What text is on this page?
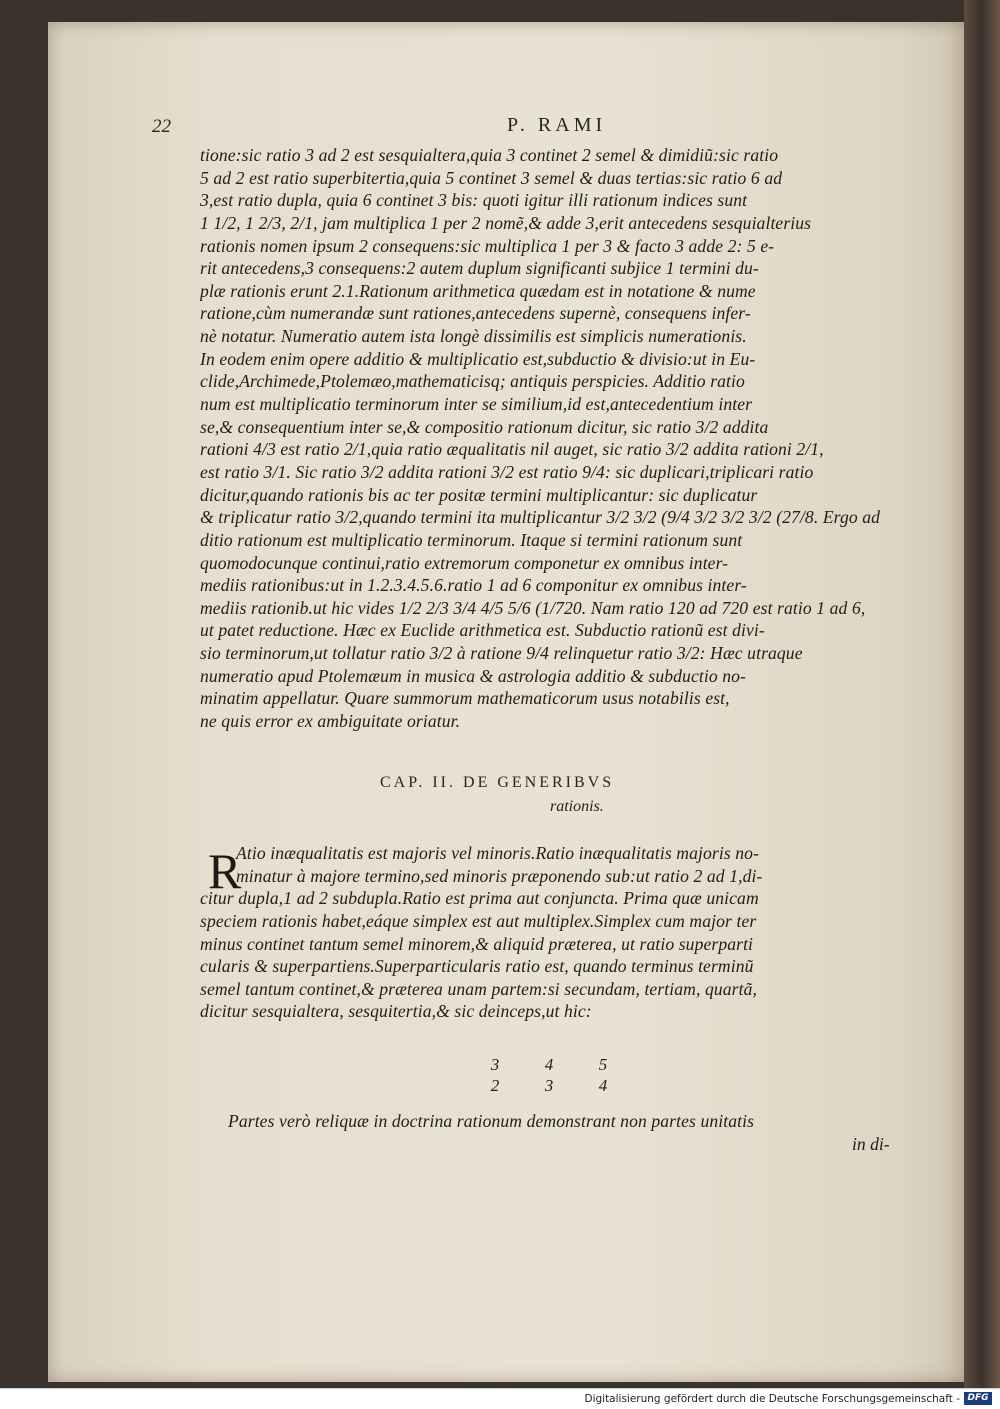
22	P. RAMI
tione:sic ratio 3 ad 2 est sesquialtera,quia 3 continet 2 semel & dimidiũ:sic ratio
5 ad 2 est ratio superbitertia,quia 5 continet 3 semel & duas tertias:sic ratio 6 ad
3,est ratio dupla, quia 6 continet 3 bis: quoti igitur illi rationum indices sunt
1 1/2, 1 2/3, 2/1, jam multiplica 1 per 2 nomẽ,& adde 3,erit antecedens sesquialterius
rationis nomen ipsum 2 consequens:sic multiplica 1 per 3 & facto 3 adde 2: 5 e-
rit antecedens,3 consequens:2 autem duplum significanti subjice 1 termini du-
plæ rationis erunt 2.1.Rationum arithmetica quædam est in notatione & nume
ratione,cùm numerandæ sunt rationes,antecedens supernè, consequens infer-
nè notatur. Numeratio autem ista longè dissimilis est simplicis numerationis.
In eodem enim opere additio & multiplicatio est,subductio & divisio:ut in Eu-
clide,Archimede,Ptolemæo,mathematicisq; antiquis perspicies. Additio ratio
num est multiplicatio terminorum inter se similium,id est,antecedentium inter
se,& consequentium inter se,& compositio rationum dicitur, sic ratio 3/2 addita
rationi 4/3 est ratio 2/1,quia ratio æqualitatis nil auget, sic ratio 3/2 addita rationi 2/1,
est ratio 3/1. Sic ratio 3/2 addita rationi 3/2 est ratio 9/4: sic duplicari,triplicari ratio
dicitur,quando rationis bis ac ter positæ termini multiplicantur: sic duplicatur
& triplicatur ratio 3/2,quando termini ita multiplicantur 3/2 3/2 (9/4 3/2 3/2 3/2 (27/8. Ergo ad
ditio rationum est multiplicatio terminorum. Itaque si termini rationum sunt
quomodocunque continui,ratio extremorum componetur ex omnibus inter-
mediis rationibus:ut in 1.2.3.4.5.6.ratio 1 ad 6 componitur ex omnibus inter-
mediis rationib.ut hic vides 1/2 2/3 3/4 4/5 5/6 (1/720. Nam ratio 120 ad 720 est ratio 1 ad 6,
ut patet reductione. Hæc ex Euclide arithmetica est. Subductio rationũ est divi-
sio terminorum,ut tollatur ratio 3/2 à ratione 9/4 relinquetur ratio 3/2: Hæc utraque
numeratio apud Ptolemæum in musica & astrologia additio & subductio no-
minatim appellatur. Quare summorum mathematicorum usus notabilis est,
ne quis error ex ambiguitate oriatur.
CAP. II. DE GENERIBVS
rationis.
R
Atio inæqualitatis est majoris vel minoris.Ratio inæqualitatis majoris no-
minatur à majore termino,sed minoris præponendo sub:ut ratio 2 ad 1,di-
citur dupla,1 ad 2 subdupla.Ratio est prima aut conjuncta. Prima quæ unicam
speciem rationis habet,eáque simplex est aut multiplex.Simplex cum major ter
minus continet tantum semel minorem,& aliquid præterea, ut ratio superparti
cularis & superpartiens.Superparticularis ratio est, quando terminus terminũ
semel tantum continet,& præterea unam partem:si secundam, tertiam, quartã,
dicitur sesquialtera, sesquitertia,& sic deinceps,ut hic:
3
2
4
3
5
4
Partes verò reliquæ in doctrina rationum demonstrant non partes unitatis
in di-
Digitalisierung gefördert durch die Deutsche Forschungsgemeinschaft - DFG
